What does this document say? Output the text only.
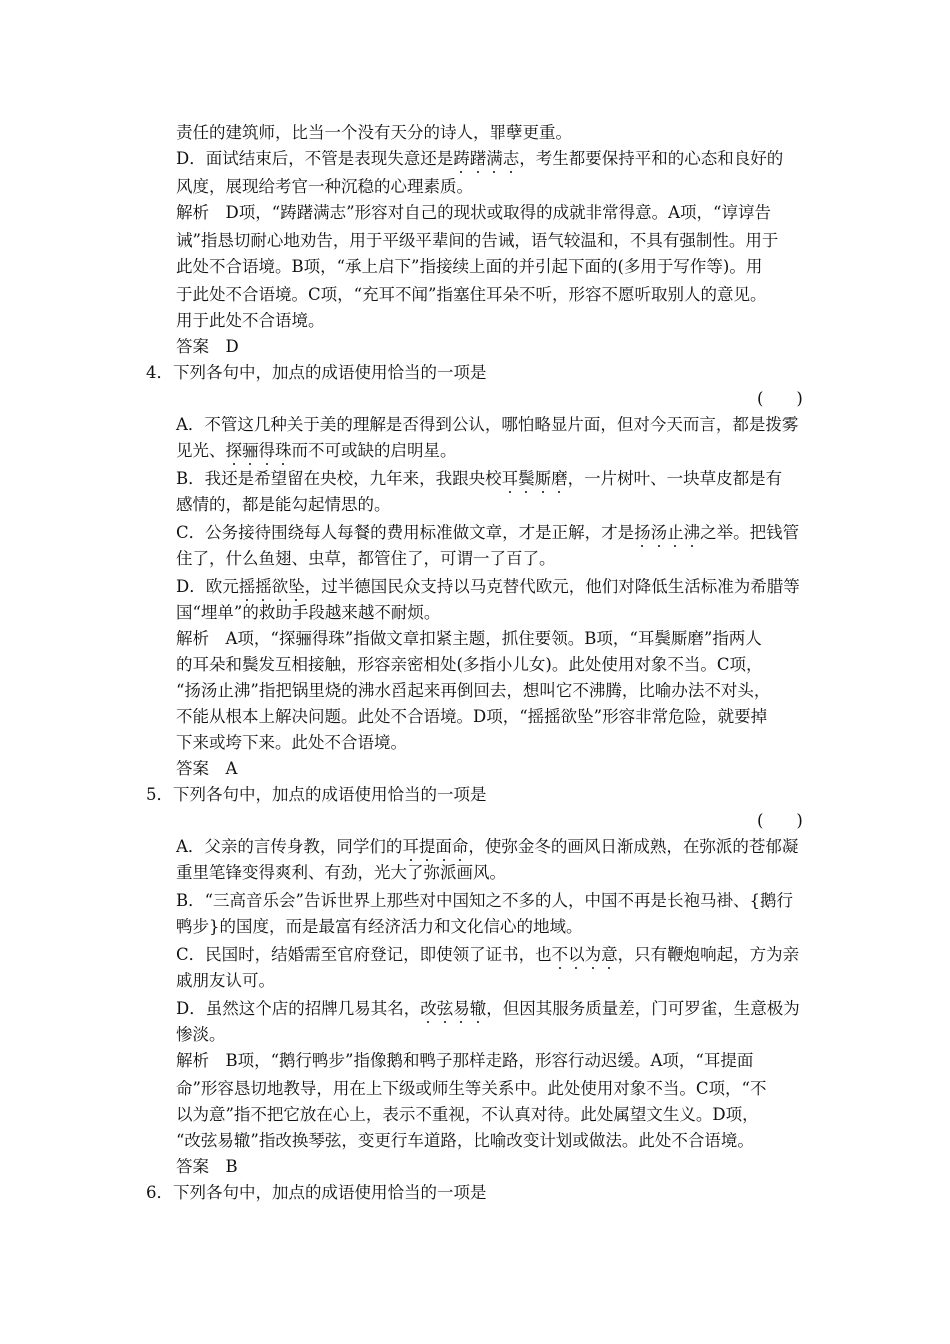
责任的建筑师，比当一个没有天分的诗人，罪孽更重。
D．面试结束后，不管是表现失意还是踌躇满志，考生都要保持平和的心态和良好的
风度，展现给考官一种沉稳的心理素质。
解析　D项，“踌躇满志”形容对自己的现状或取得的成就非常得意。A项，“谆谆告
诫”指恳切耐心地劝告，用于平级平辈间的告诫，语气较温和，不具有强制性。用于
此处不合语境。B项，“承上启下”指接续上面的并引起下面的(多用于写作等)。用
于此处不合语境。C项，“充耳不闻”指塞住耳朵不听，形容不愿听取别人的意见。
用于此处不合语境。
答案　D
4．下列各句中，加点的成语使用恰当的一项是
(　　)
A．不管这几种关于美的理解是否得到公认，哪怕略显片面，但对今天而言，都是拨雾
见光、探骊得珠而不可或缺的启明星。
B．我还是希望留在央校，九年来，我跟央校耳鬓厮磨，一片树叶、一块草皮都是有
感情的，都是能勾起情思的。
C．公务接待围绕每人每餐的费用标准做文章，才是正解，才是扬汤止沸之举。把钱管
住了，什么鱼翅、虫草，都管住了，可谓一了百了。
D．欧元摇摇欲坠，过半德国民众支持以马克替代欧元，他们对降低生活标准为希腊等
国“埋单”的救助手段越来越不耐烦。
解析　A项，“探骊得珠”指做文章扣紧主题，抓住要领。B项，“耳鬓厮磨”指两人
的耳朵和鬓发互相接触，形容亲密相处(多指小儿女)。此处使用对象不当。C项，
“扬汤止沸”指把锅里烧的沸水舀起来再倒回去，想叫它不沸腾，比喻办法不对头，
不能从根本上解决问题。此处不合语境。D项，“摇摇欲坠”形容非常危险，就要掉
下来或垮下来。此处不合语境。
答案　A
5．下列各句中，加点的成语使用恰当的一项是
(　　)
A．父亲的言传身教，同学们的耳提面命，使弥金冬的画风日渐成熟，在弥派的苍郁凝
重里笔锋变得爽利、有劲，光大了弥派画风。
B．“三高音乐会”告诉世界上那些对中国知之不多的人，中国不再是长袍马褂、{鹅行
鸭步}的国度，而是最富有经济活力和文化信心的地域。
C．民国时，结婚需至官府登记，即使领了证书，也不以为意，只有鞭炮响起，方为亲
戚朋友认可。
D．虽然这个店的招牌几易其名，改弦易辙，但因其服务质量差，门可罗雀，生意极为
惨淡。
解析　B项，“鹅行鸭步”指像鹅和鸭子那样走路，形容行动迟缓。A项，“耳提面
命”形容恳切地教导，用在上下级或师生等关系中。此处使用对象不当。C项，“不
以为意”指不把它放在心上，表示不重视，不认真对待。此处属望文生义。D项，
“改弦易辙”指改换琴弦，变更行车道路，比喻改变计划或做法。此处不合语境。
答案　B
6．下列各句中，加点的成语使用恰当的一项是
